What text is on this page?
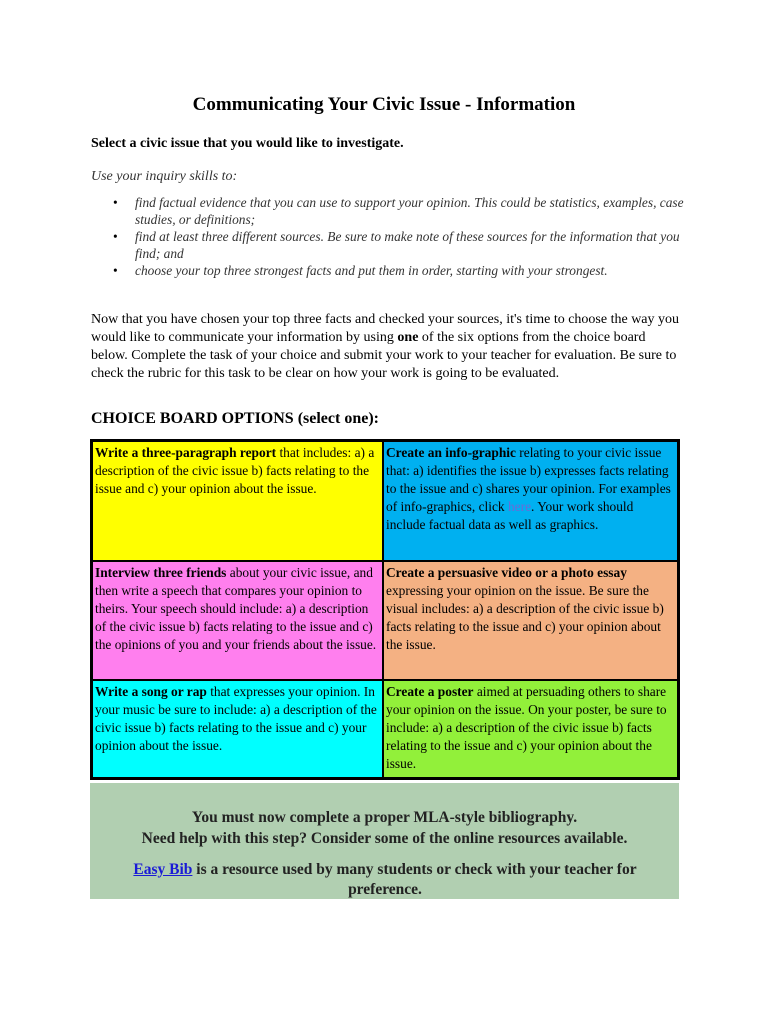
Communicating Your Civic Issue - Information

Select a civic issue that you would like to investigate.

Use your inquiry skills to:

• find factual evidence that you can use to support your opinion. This could be statistics, examples, case studies, or definitions;
• find at least three different sources. Be sure to make note of these sources for the information that you find; and
• choose your top three strongest facts and put them in order, starting with your strongest.

Now that you have chosen your top three facts and checked your sources, it's time to choose the way you would like to communicate your information by using one of the six options from the choice board below. Complete the task of your choice and submit your work to your teacher for evaluation. Be sure to check the rubric for this task to be clear on how your work is going to be evaluated.

CHOICE BOARD OPTIONS (select one):
Write a three-paragraph report that includes: a) a description of the civic issue b) facts relating to the issue and c) your opinion about the issue.
Create an info-graphic relating to your civic issue that: a) identifies the issue b) expresses facts relating to the issue and c) shares your opinion. For examples of info-graphics, click here. Your work should include factual data as well as graphics.
Interview three friends about your civic issue, and then write a speech that compares your opinion to theirs. Your speech should include: a) a description of the civic issue b) facts relating to the issue and c) the opinions of you and your friends about the issue.
Create a persuasive video or a photo essay expressing your opinion on the issue. Be sure the visual includes: a) a description of the civic issue b) facts relating to the issue and c) your opinion about the issue.
Write a song or rap that expresses your opinion. In your music be sure to include: a) a description of the civic issue b) facts relating to the issue and c) your opinion about the issue.
Create a poster aimed at persuading others to share your opinion on the issue. On your poster, be sure to include: a) a description of the civic issue b) facts relating to the issue and c) your opinion about the issue.
You must now complete a proper MLA-style bibliography.
Need help with this step? Consider some of the online resources available.
Easy Bib is a resource used by many students or check with your teacher for preference.
